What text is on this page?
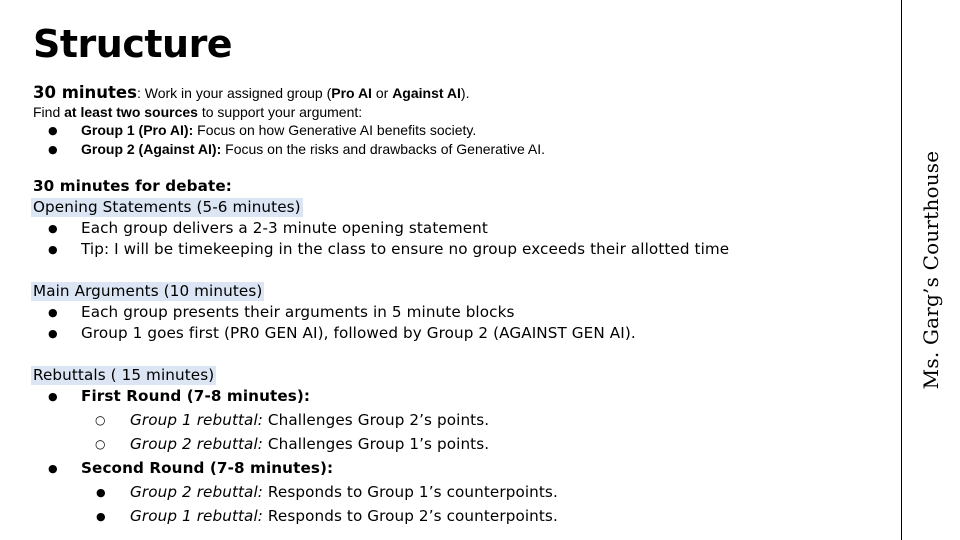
Structure
30 minutes: Work in your assigned group (Pro AI or Against AI).
Find at least two sources to support your argument:
● Group 1 (Pro AI): Focus on how Generative AI benefits society.
● Group 2 (Against AI): Focus on the risks and drawbacks of Generative AI.
30 minutes for debate:
Opening Statements (5-6 minutes)
● Each group delivers a 2-3 minute opening statement
● Tip: I will be timekeeping in the class to ensure no group exceeds their allotted time
Main Arguments (10 minutes)
● Each group presents their arguments in 5 minute blocks
● Group 1 goes first (PR0 GEN AI), followed by Group 2 (AGAINST GEN AI).
Rebuttals ( 15 minutes)
● First Round (7-8 minutes):
○ Group 1 rebuttal: Challenges Group 2’s points.
○ Group 2 rebuttal: Challenges Group 1’s points.
● Second Round (7-8 minutes):
● Group 2 rebuttal: Responds to Group 1’s counterpoints.
● Group 1 rebuttal: Responds to Group 2’s counterpoints.
Ms. Garg’s Courthouse
